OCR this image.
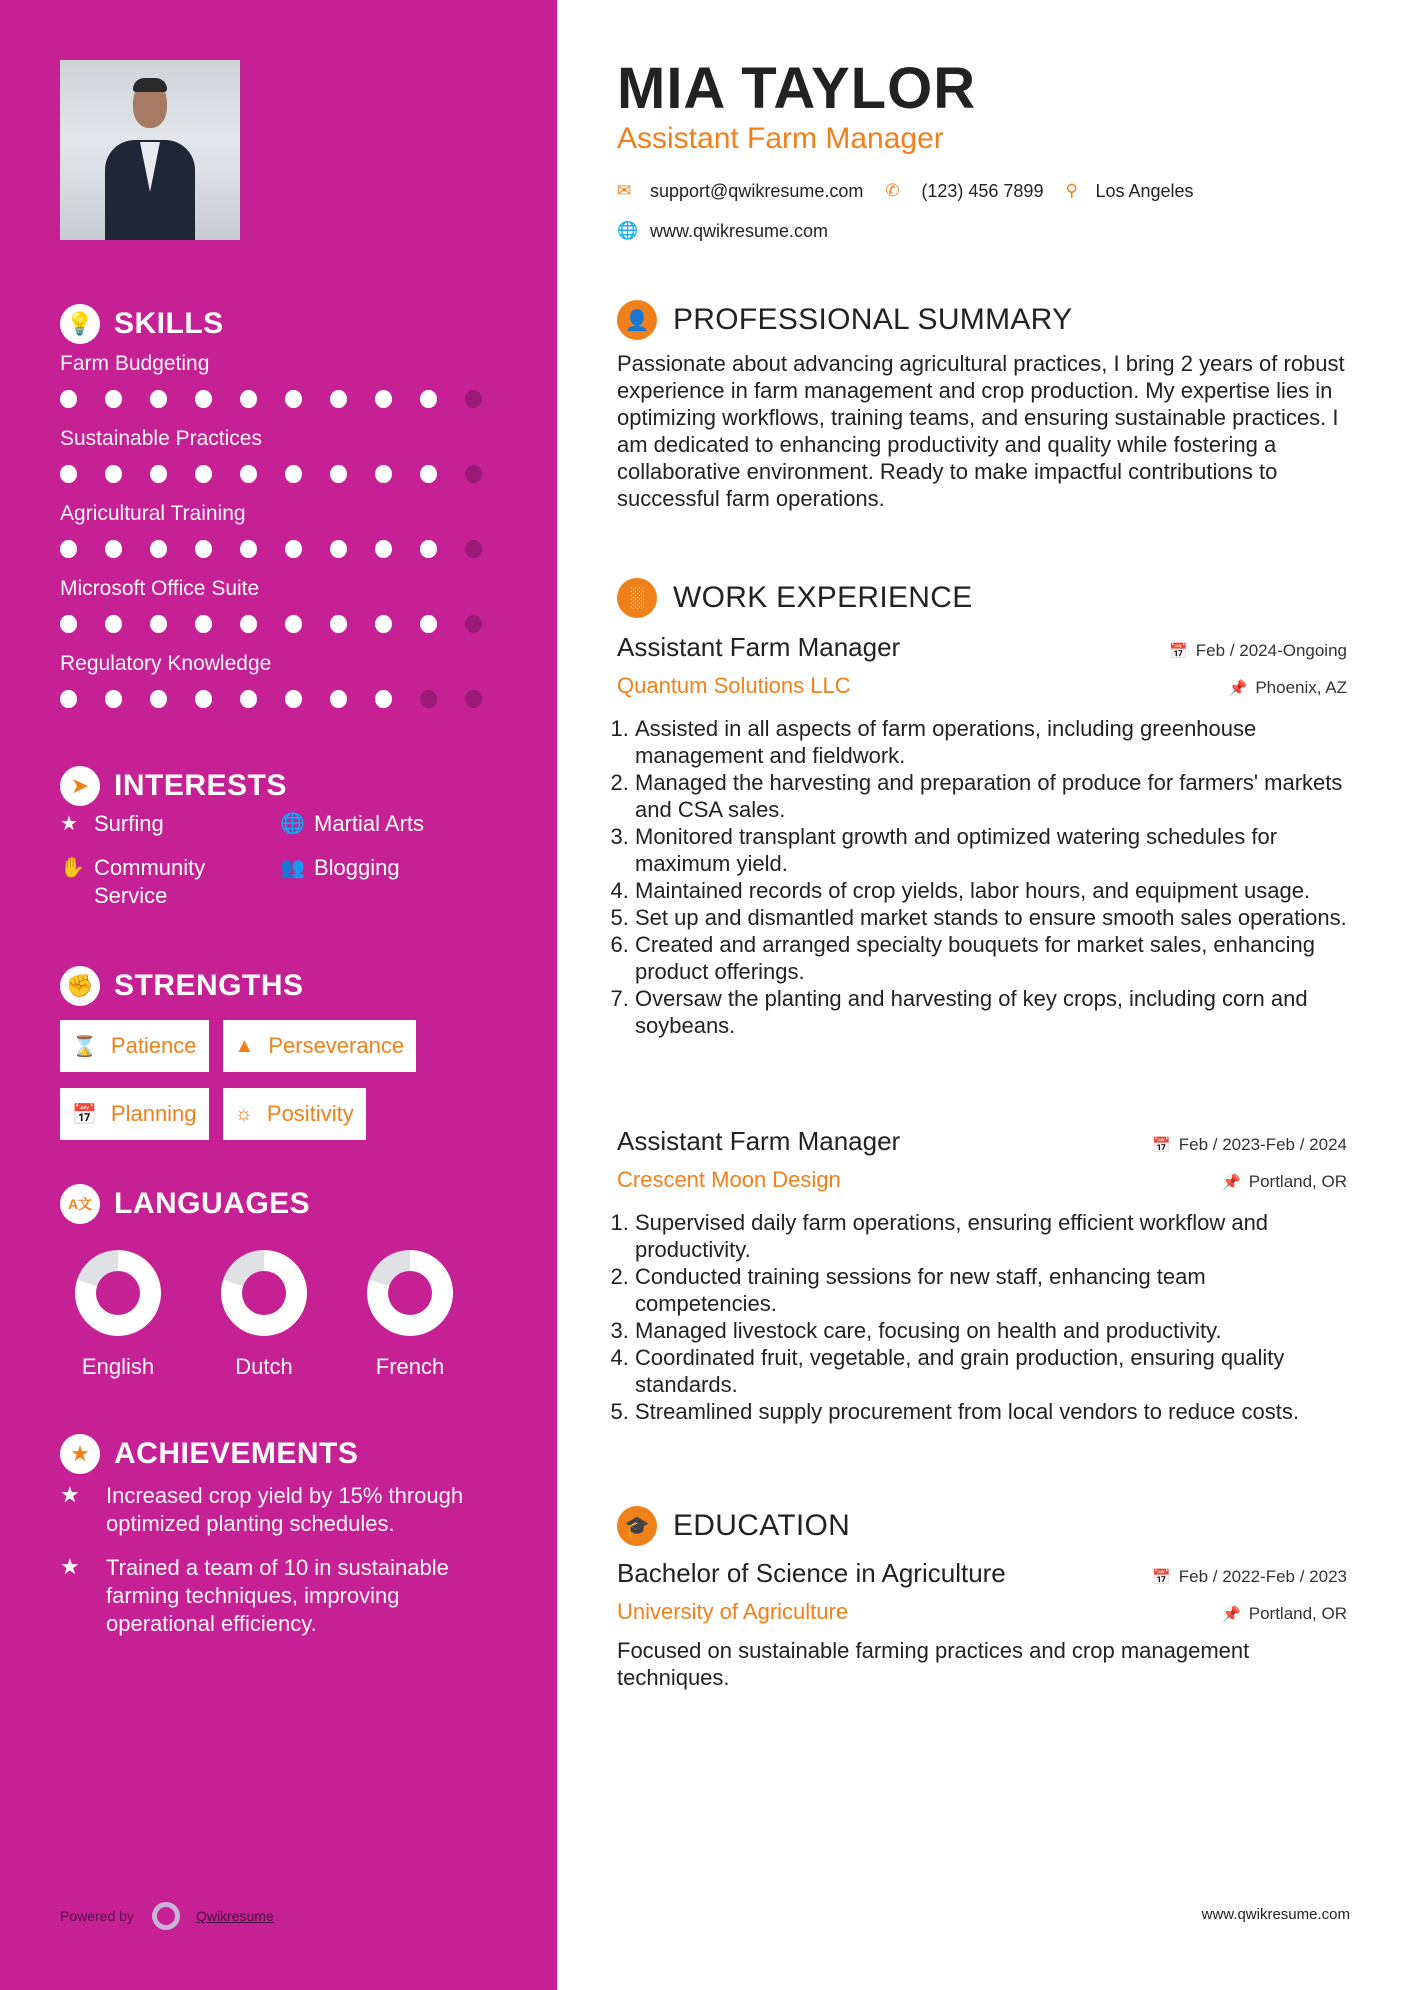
💡 SKILLS
Farm Budgeting
Sustainable Practices
Agricultural Training
Microsoft Office Suite
Regulatory Knowledge
➤ INTERESTS
★ Surfing	🌐 Martial Arts
✋ Community Service
👥 Blogging
✊ STRENGTHS
⌛ Patience ▲ Perseverance
📅 Planning ☼ Positivity
A文 LANGUAGES
English	Dutch	French
★ ACHIEVEMENTS
★	Increased crop yield by 15% through optimized planting schedules.
★	Trained a team of 10 in sustainable farming techniques, improving operational efficiency.
Powered by	Qwikresume
MIA TAYLOR
Assistant Farm Manager
✉	support@qwikresume.com ✆	(123) 456 7899 ⚲ Los Angeles
🌐 www.qwikresume.com
👤 PROFESSIONAL SUMMARY

Passionate about advancing agricultural practices, I bring 2 years of robust experience in farm management and crop production. My expertise lies in optimizing workflows, training teams, and ensuring sustainable practices. I am dedicated to enhancing productivity and quality while fostering a collaborative environment. Ready to make impactful contributions to successful farm operations.

░ WORK EXPERIENCE
Assistant Farm Manager	📅 Feb / 2024-Ongoing
Quantum Solutions LLC	📌 Phoenix, AZ
1. Assisted in all aspects of farm operations, including greenhouse management and fieldwork.
2. Managed the harvesting and preparation of produce for farmers' markets and CSA sales.
3. Monitored transplant growth and optimized watering schedules for maximum yield.
4. Maintained records of crop yields, labor hours, and equipment usage.
5. Set up and dismantled market stands to ensure smooth sales operations.
6. Created and arranged specialty bouquets for market sales, enhancing product offerings.
7. Oversaw the planting and harvesting of key crops, including corn and soybeans.
Assistant Farm Manager	📅 Feb / 2023-Feb / 2024
Crescent Moon Design	📌 Portland, OR
1. Supervised daily farm operations, ensuring efficient workflow and productivity.
2. Conducted training sessions for new staff, enhancing team competencies.
3. Managed livestock care, focusing on health and productivity.
4. Coordinated fruit, vegetable, and grain production, ensuring quality standards.
5. Streamlined supply procurement from local vendors to reduce costs.
🎓 EDUCATION
Bachelor of Science in Agriculture	📅 Feb / 2022-Feb / 2023
University of Agriculture	📌 Portland, OR

Focused on sustainable farming practices and crop management techniques.

www.qwikresume.com
